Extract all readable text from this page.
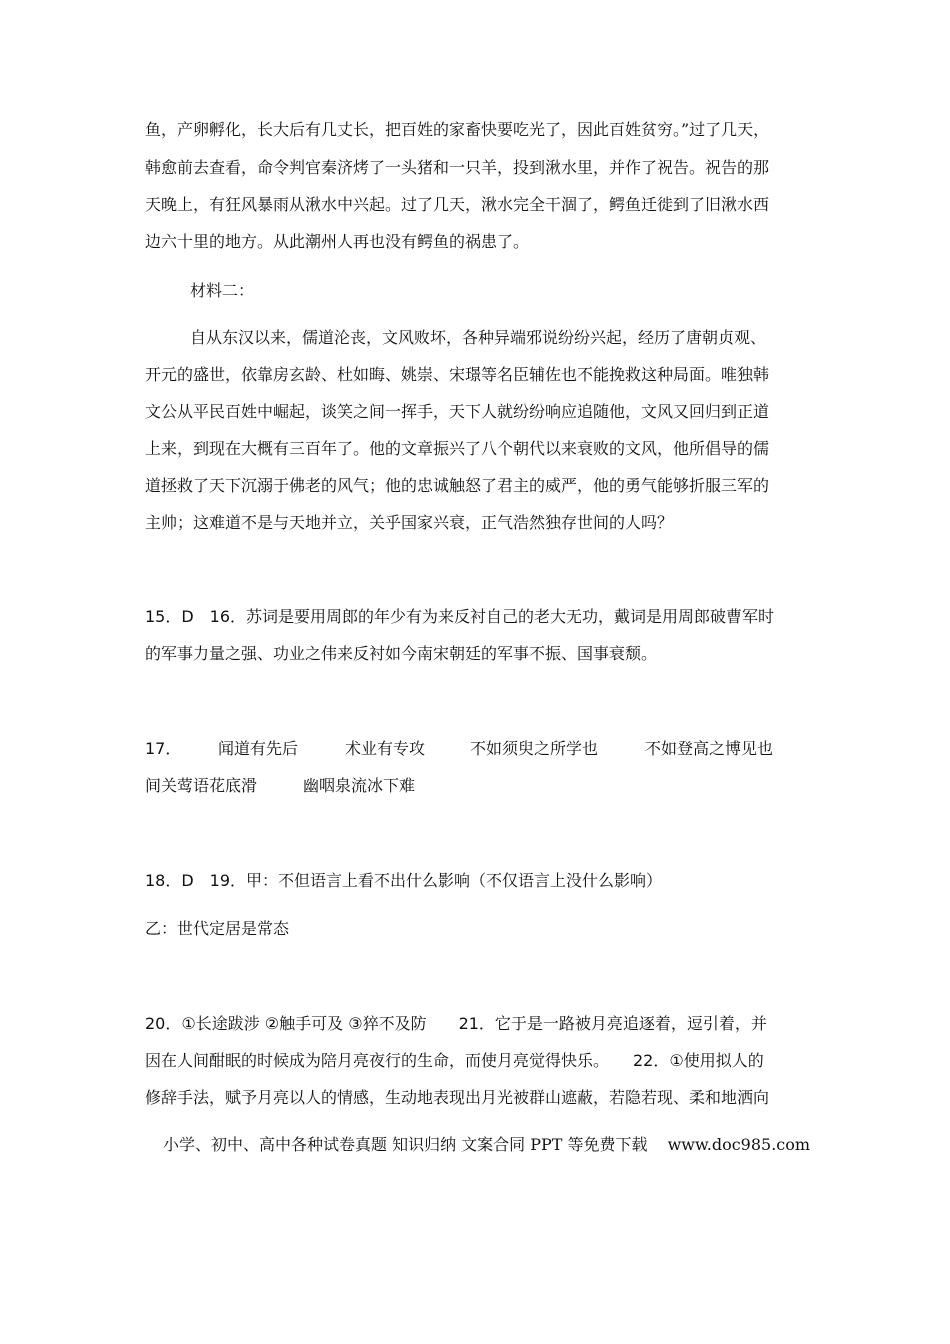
鱼，产卵孵化，长大后有几丈长，把百姓的家畜快要吃光了，因此百姓贫穷。”过了几天，
韩愈前去查看，命令判官秦济烤了一头猪和一只羊，投到湫水里，并作了祝告。祝告的那
天晚上，有狂风暴雨从湫水中兴起。过了几天，湫水完全干涸了，鳄鱼迁徙到了旧湫水西
边六十里的地方。从此潮州人再也没有鳄鱼的祸患了。
材料二：
自从东汉以来，儒道沦丧，文风败坏，各种异端邪说纷纷兴起，经历了唐朝贞观、
开元的盛世，依靠房玄龄、杜如晦、姚崇、宋璟等名臣辅佐也不能挽救这种局面。唯独韩
文公从平民百姓中崛起，谈笑之间一挥手，天下人就纷纷响应追随他，文风又回归到正道
上来，到现在大概有三百年了。他的文章振兴了八个朝代以来衰败的文风，他所倡导的儒
道拯救了天下沉溺于佛老的风气；他的忠诚触怒了君主的威严，他的勇气能够折服三军的
主帅；这难道不是与天地并立，关乎国家兴衰，正气浩然独存世间的人吗？
15．D　16．苏词是要用周郎的年少有为来反衬自己的老大无功，戴词是用周郎破曹军时
的军事力量之强、功业之伟来反衬如今南宋朝廷的军事不振、国事衰颓。
17． 闻道有先后	术业有专攻	不如须臾之所学也	不如登高之博见也
间关莺语花底滑	幽咽泉流冰下难
18．D　19．甲：不但语言上看不出什么影响（不仅语言上没什么影响）
乙：世代定居是常态
20．①长途跋涉 ②触手可及 ③猝不及防　　21．它于是一路被月亮追逐着，逗引着，并
因在人间酣眠的时候成为陪月亮夜行的生命，而使月亮觉得快乐。　　22．①使用拟人的
修辞手法，赋予月亮以人的情感，生动地表现出月光被群山遮蔽，若隐若现、柔和地洒向
小学、初中、高中各种试卷真题 知识归纳 文案合同 PPT 等免费下载 www.doc985.com
